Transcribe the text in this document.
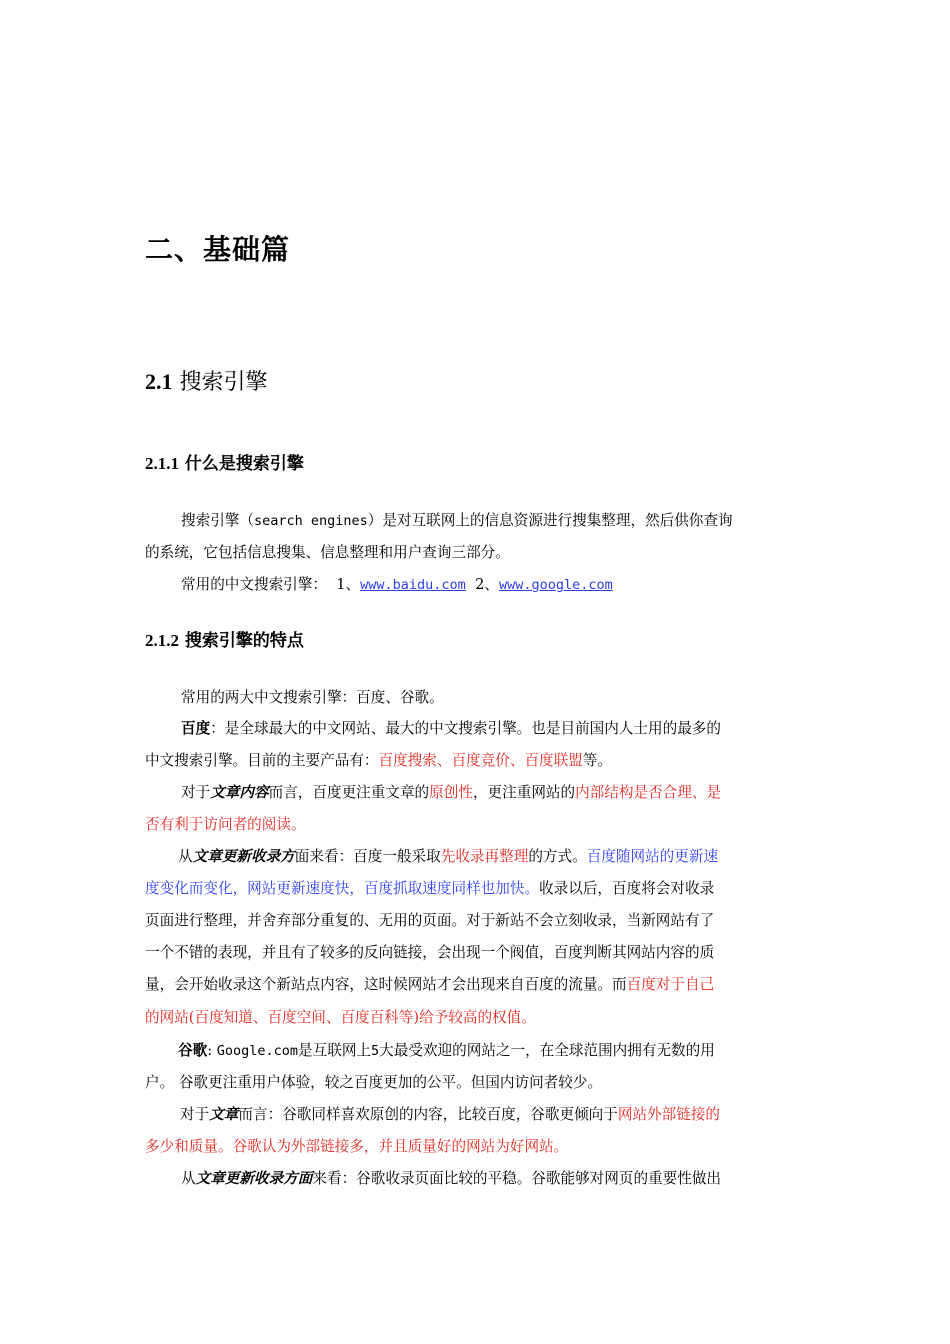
二、基础篇
2.1 搜索引擎
2.1.1 什么是搜索引擎
搜索引擎（search engines）是对互联网上的信息资源进行搜集整理，然后供你查询
的系统，它包括信息搜集、信息整理和用户查询三部分。
常用的中文搜索引擎： 1、www.baidu.com 2、www.google.com
2.1.2 搜索引擎的特点
常用的两大中文搜索引擎：百度、谷歌。
百度：是全球最大的中文网站、最大的中文搜索引擎。也是目前国内人士用的最多的
中文搜索引擎。目前的主要产品有：百度搜索、百度竞价、百度联盟等。
对于文章内容而言，百度更注重文章的原创性，更注重网站的内部结构是否合理、是
否有利于访问者的阅读。
从文章更新收录方面来看：百度一般采取先收录再整理的方式。百度随网站的更新速
度变化而变化，网站更新速度快，百度抓取速度同样也加快。收录以后，百度将会对收录
页面进行整理，并舍弃部分重复的、无用的页面。对于新站不会立刻收录，当新网站有了
一个不错的表现，并且有了较多的反向链接，会出现一个阀值，百度判断其网站内容的质
量，会开始收录这个新站点内容，这时候网站才会出现来自百度的流量。而百度对于自己
的网站(百度知道、百度空间、百度百科等)给予较高的权值。
谷歌: Google.com是互联网上5大最受欢迎的网站之一，在全球范围内拥有无数的用
户。 谷歌更注重用户体验，较之百度更加的公平。但国内访问者较少。
对于文章而言：谷歌同样喜欢原创的内容，比较百度，谷歌更倾向于网站外部链接的
多少和质量。谷歌认为外部链接多，并且质量好的网站为好网站。
从文章更新收录方面来看：谷歌收录页面比较的平稳。谷歌能够对网页的重要性做出
